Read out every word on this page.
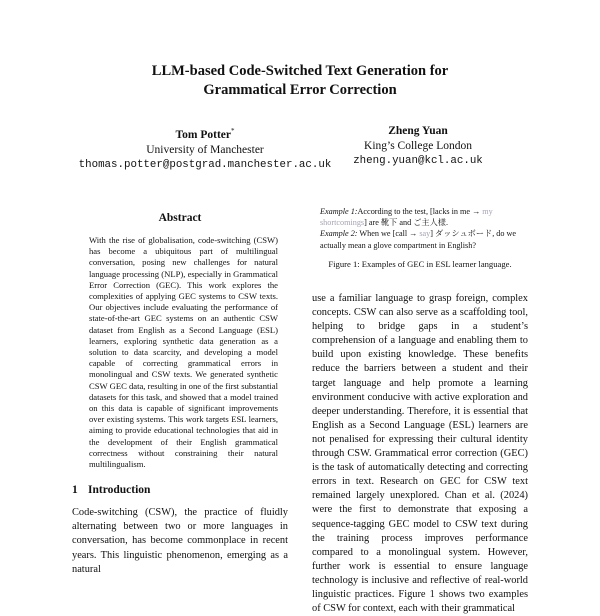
LLM-based Code-Switched Text Generation for
Grammatical Error Correction
Tom Potter*
University of Manchester
thomas.potter@postgrad.manchester.ac.uk
Zheng Yuan
King’s College London
zheng.yuan@kcl.ac.uk
Abstract

With the rise of globalisation, code-switching (CSW) has become a ubiquitous part of multilingual conversation, posing new challenges for natural language processing (NLP), especially in Grammatical Error Correction (GEC). This work explores the complexities of applying GEC systems to CSW texts. Our objectives include evaluating the performance of state-of-the-art GEC systems on an authentic CSW dataset from English as a Second Language (ESL) learners, exploring synthetic data generation as a solution to data scarcity, and developing a model capable of correcting grammatical errors in monolingual and CSW texts. We generated synthetic CSW GEC data, resulting in one of the first substantial datasets for this task, and showed that a model trained on this data is capable of significant improvements over existing systems. This work targets ESL learners, aiming to provide educational technologies that aid in the development of their English grammatical correctness without constraining their natural multilingualism.

1 Introduction

Code-switching (CSW), the practice of fluidly alternating between two or more languages in conversation, has become commonplace in recent years. This linguistic phenomenon, emerging as a natural

Example 1:According to the test, [lacks in me → my shortcomings] are 靴下 and ご主人様.
Example 2: When we [call → say] ダッシュボード, do we actually mean a glove compartment in English?
Figure 1: Examples of GEC in ESL learner language.

use a familiar language to grasp foreign, complex concepts. CSW can also serve as a scaffolding tool, helping to bridge gaps in a student’s comprehension of a language and enabling them to build upon existing knowledge. These benefits reduce the barriers between a student and their target language and help promote a learning environment conducive with active exploration and deeper understanding. Therefore, it is essential that English as a Second Language (ESL) learners are not penalised for expressing their cultural identity through CSW. Grammatical error correction (GEC) is the task of automatically detecting and correcting errors in text. Research on GEC for CSW text remained largely unexplored. Chan et al. (2024) were the first to demonstrate that exposing a sequence-tagging GEC model to CSW text during the training process improves performance compared to a monolingual system. However, further work is essential to ensure language technology is inclusive and reflective of real-world linguistic practices. Figure 1 shows two examples of CSW for context, each with their grammatical
